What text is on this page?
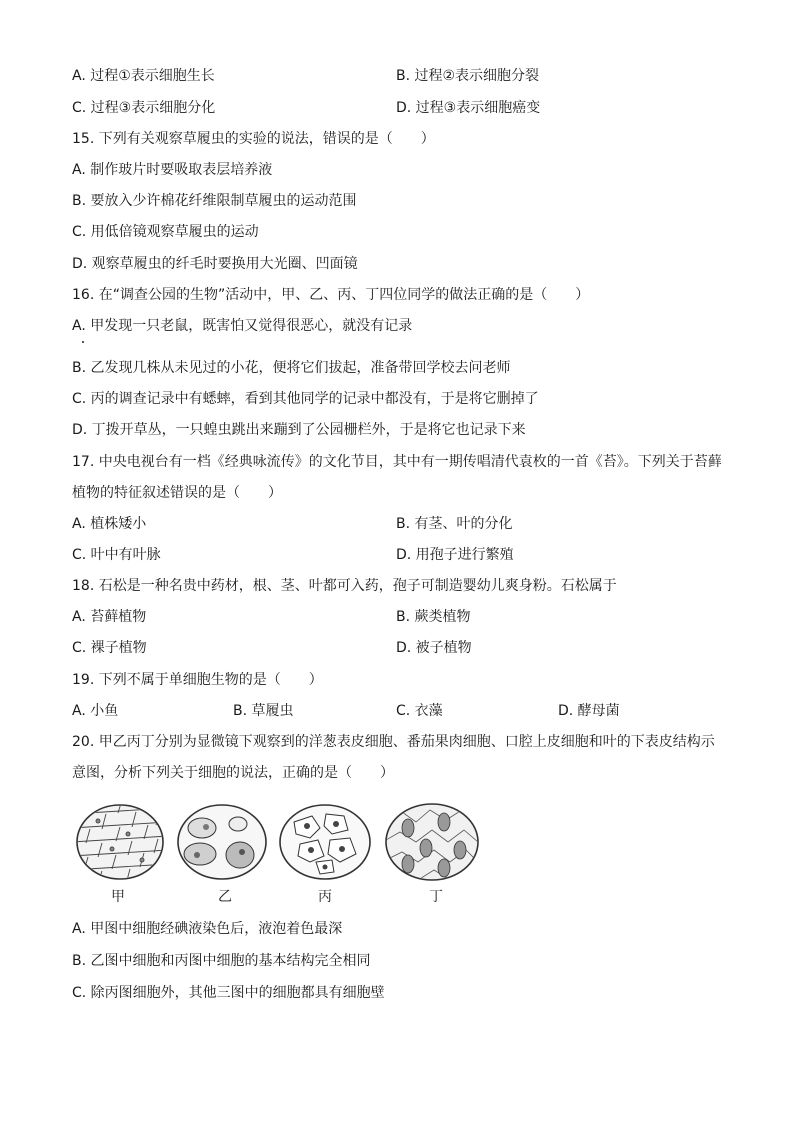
A. 过程①表示细胞生长	B. 过程②表示细胞分裂
C. 过程③表示细胞分化	D. 过程③表示细胞癌变
15. 下列有关观察草履虫的实验的说法，错误的是（　　）
A. 制作玻片时要吸取表层培养液
B. 要放入少许棉花纤维限制草履虫的运动范围
C. 用低倍镜观察草履虫的运动
D. 观察草履虫的纤毛时要换用大光圈、凹面镜
16. 在“调查公园的生物”活动中，甲、乙、丙、丁四位同学的做法正确的是（　　）
A. 甲发现一只老鼠，既害怕又觉得很恶心，就没有记录
B. 乙发现几株从未见过的小花，便将它们拔起，准备带回学校去问老师
C. 丙的调查记录中有蟋蟀，看到其他同学的记录中都没有，于是将它删掉了
D. 丁拨开草丛，一只蝗虫跳出来蹦到了公园栅栏外，于是将它也记录下来
17. 中央电视台有一档《经典咏流传》的文化节目，其中有一期传唱清代袁枚的一首《苔》。下列关于苔藓
植物的特征叙述错误的是（　　）
A. 植株矮小	B. 有茎、叶的分化
C. 叶中有叶脉	D. 用孢子进行繁殖
18. 石松是一种名贵中药材，根、茎、叶都可入药，孢子可制造婴幼儿爽身粉。石松属于
A. 苔藓植物	B. 蕨类植物
C. 裸子植物	D. 被子植物
19. 下列不属于单细胞生物的是（　　）
A. 小鱼	B. 草履虫	C. 衣藻	D. 酵母菌
20. 甲乙丙丁分别为显微镜下观察到的洋葱表皮细胞、番茄果肉细胞、口腔上皮细胞和叶的下表皮结构示
意图，分析下列关于细胞的说法，正确的是（　　）
甲	乙	丙	丁
A. 甲图中细胞经碘液染色后，液泡着色最深
B. 乙图中细胞和丙图中细胞的基本结构完全相同
C. 除丙图细胞外，其他三图中的细胞都具有细胞壁
